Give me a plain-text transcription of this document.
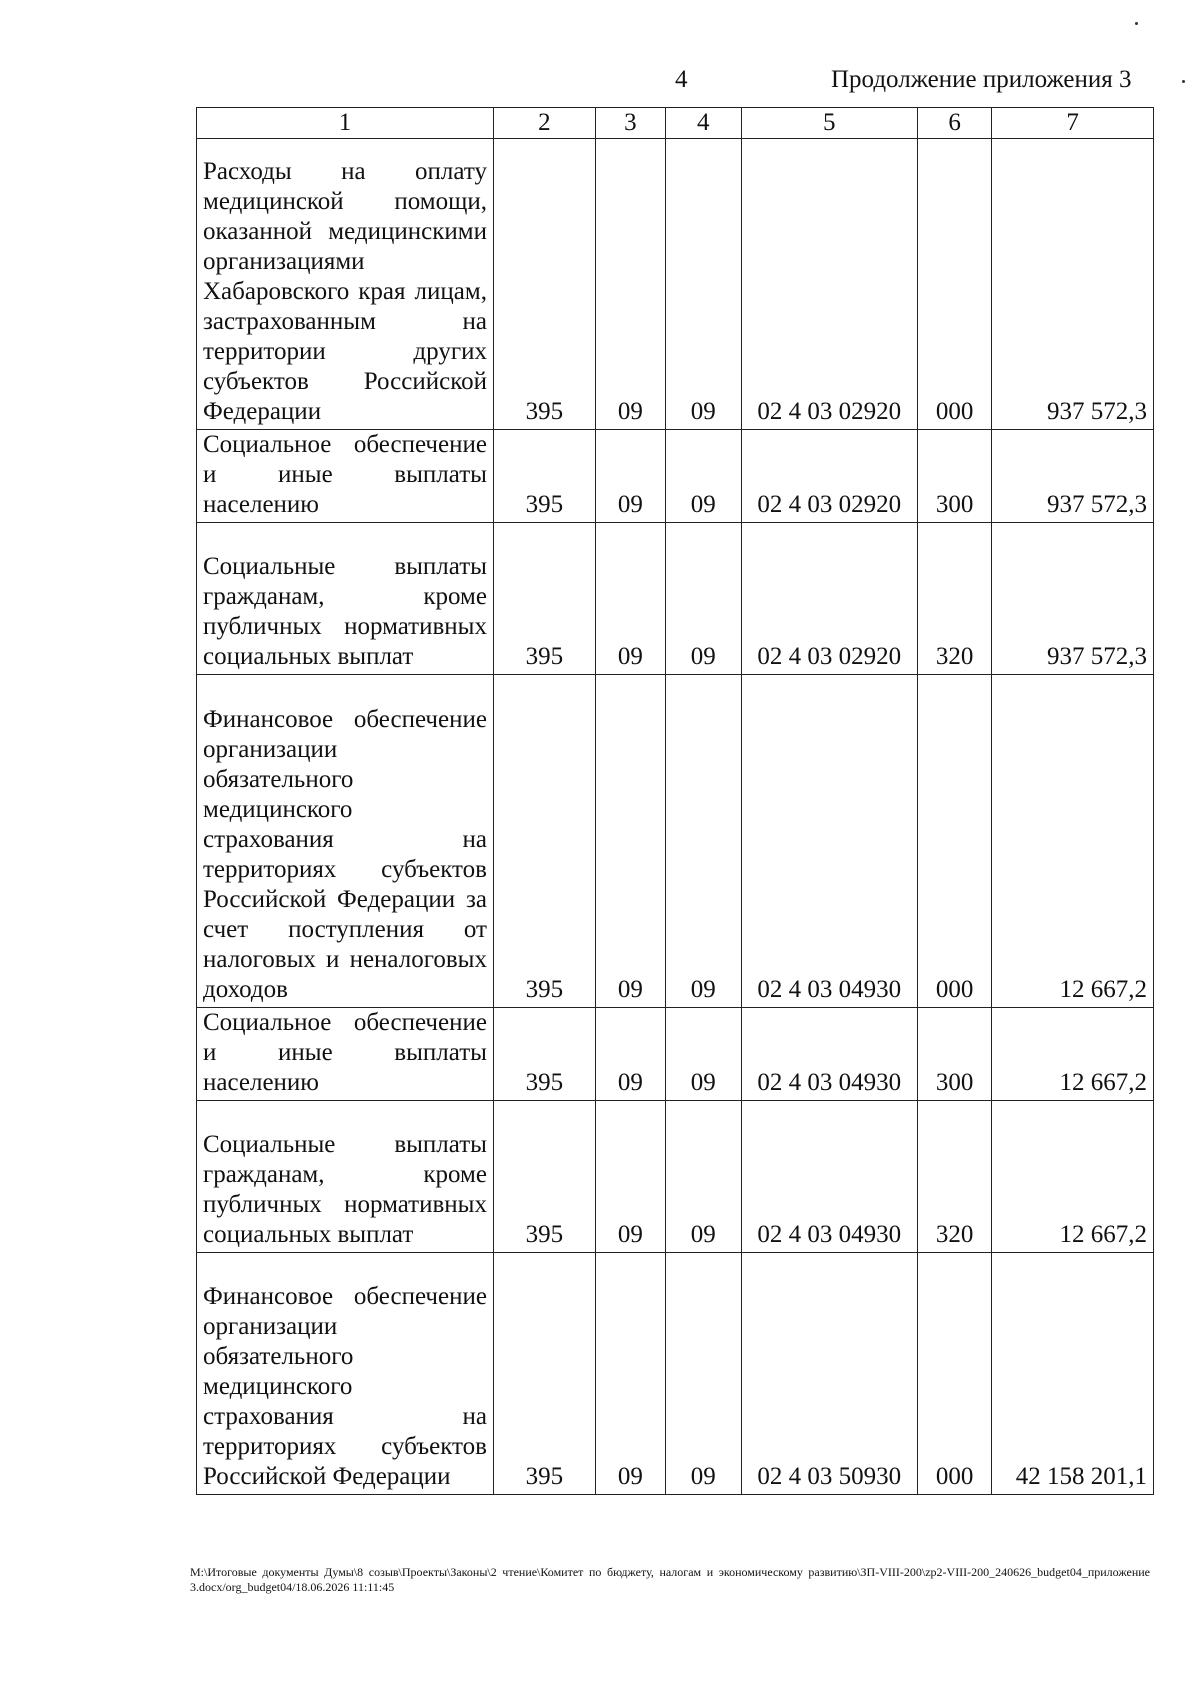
4	Продолжение приложения 3
1	2	3	4	5	6	7
Расходы на оплату медицинской помощи, оказанной медицинскими организациями Хабаровского края лицам, застрахованным на территории других субъектов Российской Федерации	395	09	09	02 4 03 02920	000	937 572,3
Социальное обеспечение и иные выплаты населению	395	09	09	02 4 03 02920	300	937 572,3
Социальные выплаты гражданам, кроме публичных нормативных социальных выплат	395	09	09	02 4 03 02920	320	937 572,3
Финансовое обеспечение организации обязательного медицинского страхования на территориях субъектов Российской Федерации за счет поступления от налоговых и неналоговых доходов	395	09	09	02 4 03 04930	000	12 667,2
Социальное обеспечение и иные выплаты населению	395	09	09	02 4 03 04930	300	12 667,2
Социальные выплаты гражданам, кроме публичных нормативных социальных выплат	395	09	09	02 4 03 04930	320	12 667,2
Финансовое обеспечение организации обязательного медицинского страхования на территориях субъектов Российской Федерации	395	09	09	02 4 03 50930	000	42 158 201,1
M:\Итоговые документы Думы\8 созыв\Проекты\Законы\2 чтение\Комитет по бюджету, налогам и экономическому развитию\ЗП-VIII-200\zp2-VIII-200_240626_budget04_приложение 3.docx/org_budget04/18.06.2026 11:11:45
